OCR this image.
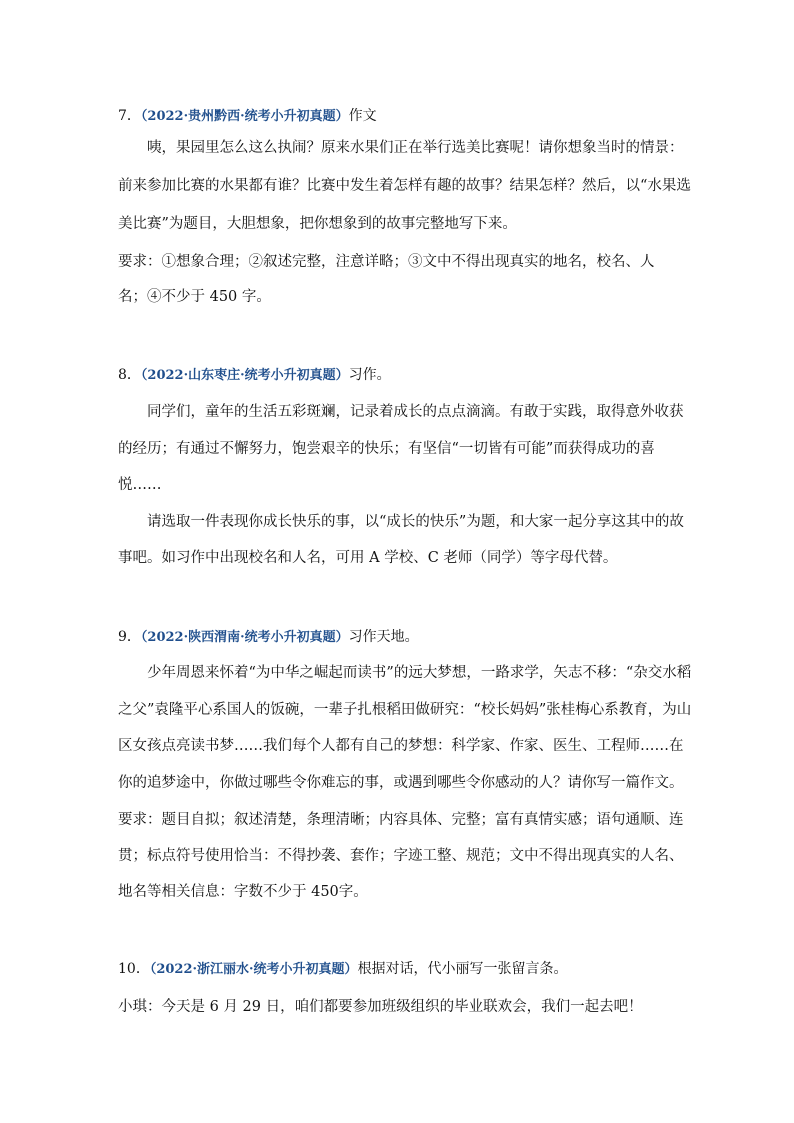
7．（2022·贵州黔西·统考小升初真题）作文
咦，果园里怎么这么执闹？原来水果们正在举行选美比赛呢！请你想象当时的情景：
前来参加比赛的水果都有谁？比赛中发生着怎样有趣的故事？结果怎样？然后，以“水果选
美比赛”为题目，大胆想象，把你想象到的故事完整地写下来。
要求：①想象合理；②叙述完整，注意详略；③文中不得出现真实的地名，校名、人
名；④不少于 450 字。
8．（2022·山东枣庄·统考小升初真题）习作。
同学们，童年的生活五彩斑斓，记录着成长的点点滴滴。有敢于实践，取得意外收获
的经历；有通过不懈努力，饱尝艰辛的快乐；有坚信“一切皆有可能”而获得成功的喜
悦……
请选取一件表现你成长快乐的事，以“成长的快乐”为题，和大家一起分享这其中的故
事吧。如习作中出现校名和人名，可用 A 学校、C 老师（同学）等字母代替。
9．（2022·陕西渭南·统考小升初真题）习作天地。
少年周恩来怀着“为中华之崛起而读书”的远大梦想，一路求学，矢志不移：“杂交水稻
之父”袁隆平心系国人的饭碗，一辈子扎根稻田做研究：“校长妈妈”张桂梅心系教育，为山
区女孩点亮读书梦……我们每个人都有自己的梦想：科学家、作家、医生、工程师……在
你的追梦途中，你做过哪些令你难忘的事，或遇到哪些令你感动的人？请你写一篇作文。
要求：题目自拟；叙述清楚，条理清晰；内容具体、完整；富有真情实感；语句通顺、连
贯；标点符号使用恰当：不得抄袭、套作；字迹工整、规范；文中不得出现真实的人名、
地名等相关信息：字数不少于 450字。
10．（2022·浙江丽水·统考小升初真题）根据对话，代小丽写一张留言条。
小琪：今天是 6 月 29 日，咱们都要参加班级组织的毕业联欢会，我们一起去吧！
